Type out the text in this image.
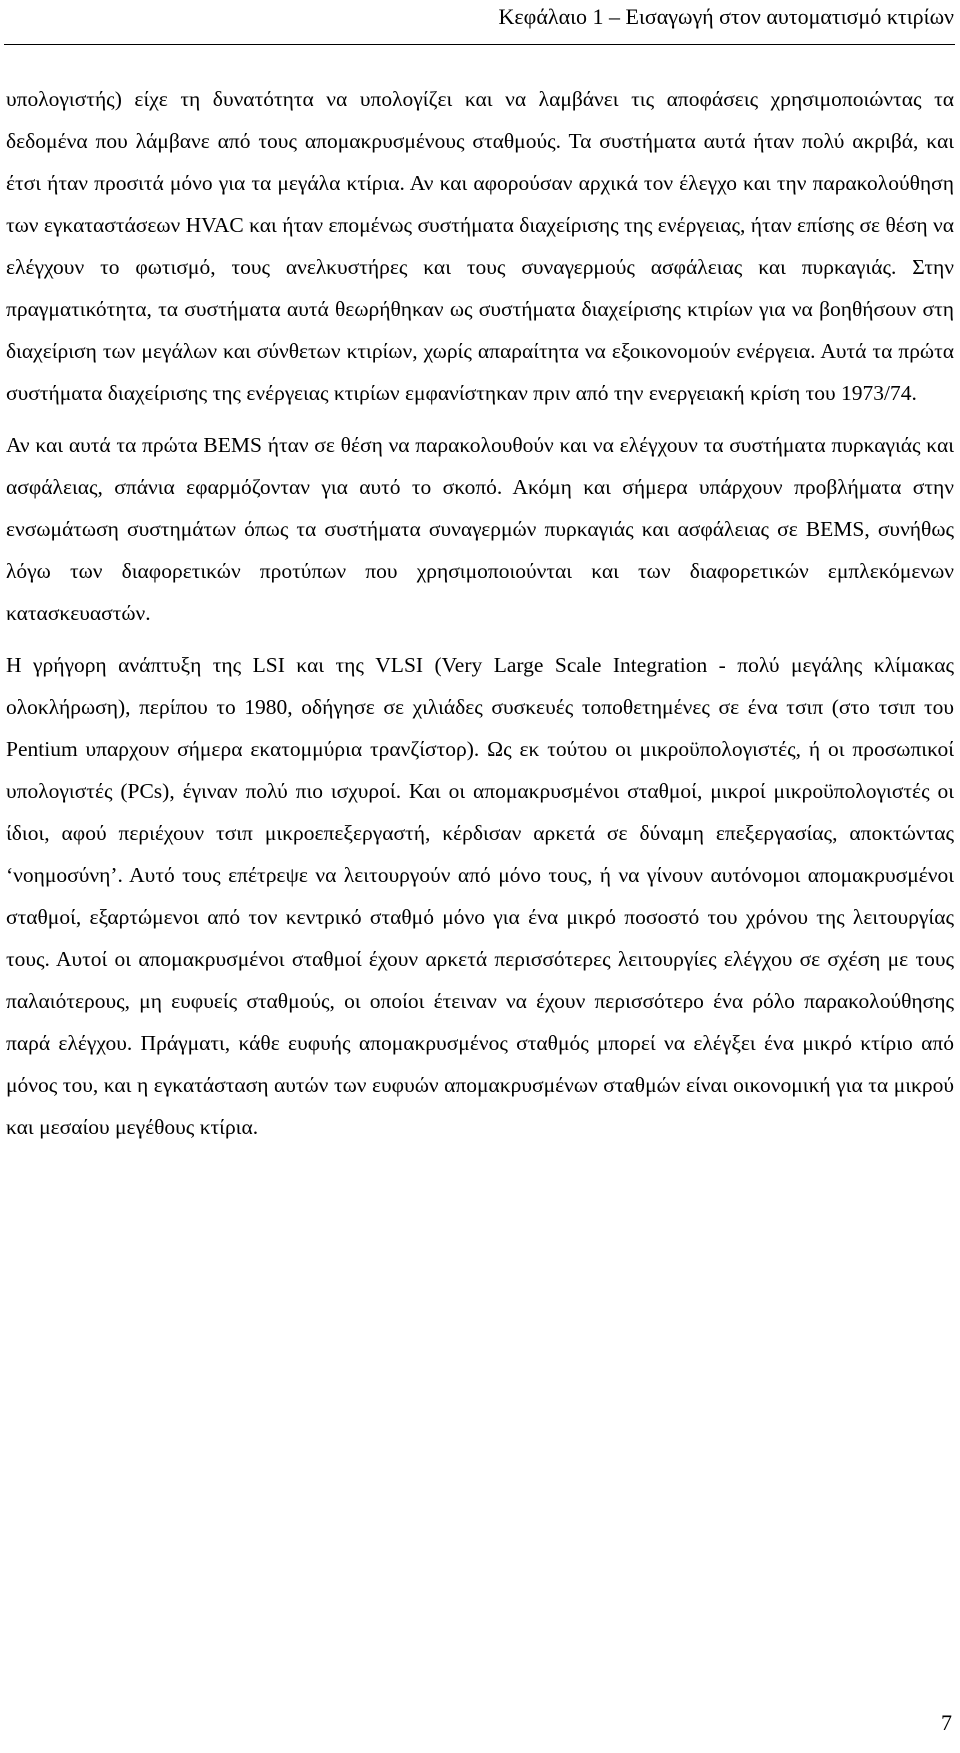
Κεφάλαιο 1 – Εισαγωγή στον αυτοματισμό κτιρίων

υπολογιστής) είχε τη δυνατότητα να υπολογίζει και να λαμβάνει τις αποφάσεις χρησιμοποιώντας τα δεδομένα που λάμβανε από τους απομακρυσμένους σταθμούς. Τα συστήματα αυτά ήταν πολύ ακριβά, και έτσι ήταν προσιτά μόνο για τα μεγάλα κτίρια. Αν και αφορούσαν αρχικά τον έλεγχο και την παρακολούθηση των εγκαταστάσεων HVAC και ήταν επομένως συστήματα διαχείρισης της ενέργειας, ήταν επίσης σε θέση να ελέγχουν το φωτισμό, τους ανελκυστήρες και τους συναγερμούς ασφάλειας και πυρκαγιάς. Στην πραγματικότητα, τα συστήματα αυτά θεωρήθηκαν ως συστήματα διαχείρισης κτιρίων για να βοηθήσουν στη διαχείριση των μεγάλων και σύνθετων κτιρίων, χωρίς απαραίτητα να εξοικονομούν ενέργεια. Αυτά τα πρώτα συστήματα διαχείρισης της ενέργειας κτιρίων εμφανίστηκαν πριν από την ενεργειακή κρίση του 1973/74.

Αν και αυτά τα πρώτα BEMS ήταν σε θέση να παρακολουθούν και να ελέγχουν τα συστήματα πυρκαγιάς και ασφάλειας, σπάνια εφαρμόζονταν για αυτό το σκοπό. Ακόμη και σήμερα υπάρχουν προβλήματα στην ενσωμάτωση συστημάτων όπως τα συστήματα συναγερμών πυρκαγιάς και ασφάλειας σε BEMS, συνήθως λόγω των διαφορετικών προτύπων που χρησιμοποιούνται και των διαφορετικών εμπλεκόμενων κατασκευαστών.

Η γρήγορη ανάπτυξη της LSI και της VLSI (Very Large Scale Integration - πολύ μεγάλης κλίμακας ολοκλήρωση), περίπου το 1980, οδήγησε σε χιλιάδες συσκευές τοποθετημένες σε ένα τσιπ (στο τσιπ του Pentium υπαρχουν σήμερα εκατομμύρια τρανζίστορ). Ως εκ τούτου οι μικροϋπολογιστές, ή οι προσωπικοί υπολογιστές (PCs), έγιναν πολύ πιο ισχυροί. Και οι απομακρυσμένοι σταθμοί, μικροί μικροϋπολογιστές οι ίδιοι, αφού περιέχουν τσιπ μικροεπεξεργαστή, κέρδισαν αρκετά σε δύναμη επεξεργασίας, αποκτώντας ‘νοημοσύνη’. Αυτό τους επέτρεψε να λειτουργούν από μόνο τους, ή να γίνουν αυτόνομοι απομακρυσμένοι σταθμοί, εξαρτώμενοι από τον κεντρικό σταθμό μόνο για ένα μικρό ποσοστό του χρόνου της λειτουργίας τους. Αυτοί οι απομακρυσμένοι σταθμοί έχουν αρκετά περισσότερες λειτουργίες ελέγχου σε σχέση με τους παλαιότερους, μη ευφυείς σταθμούς, οι οποίοι έτειναν να έχουν περισσότερο ένα ρόλο παρακολούθησης παρά ελέγχου. Πράγματι, κάθε ευφυής απομακρυσμένος σταθμός μπορεί να ελέγξει ένα μικρό κτίριο από μόνος του, και η εγκατάσταση αυτών των ευφυών απομακρυσμένων σταθμών είναι οικονομική για τα μικρού και μεσαίου μεγέθους κτίρια.

7
